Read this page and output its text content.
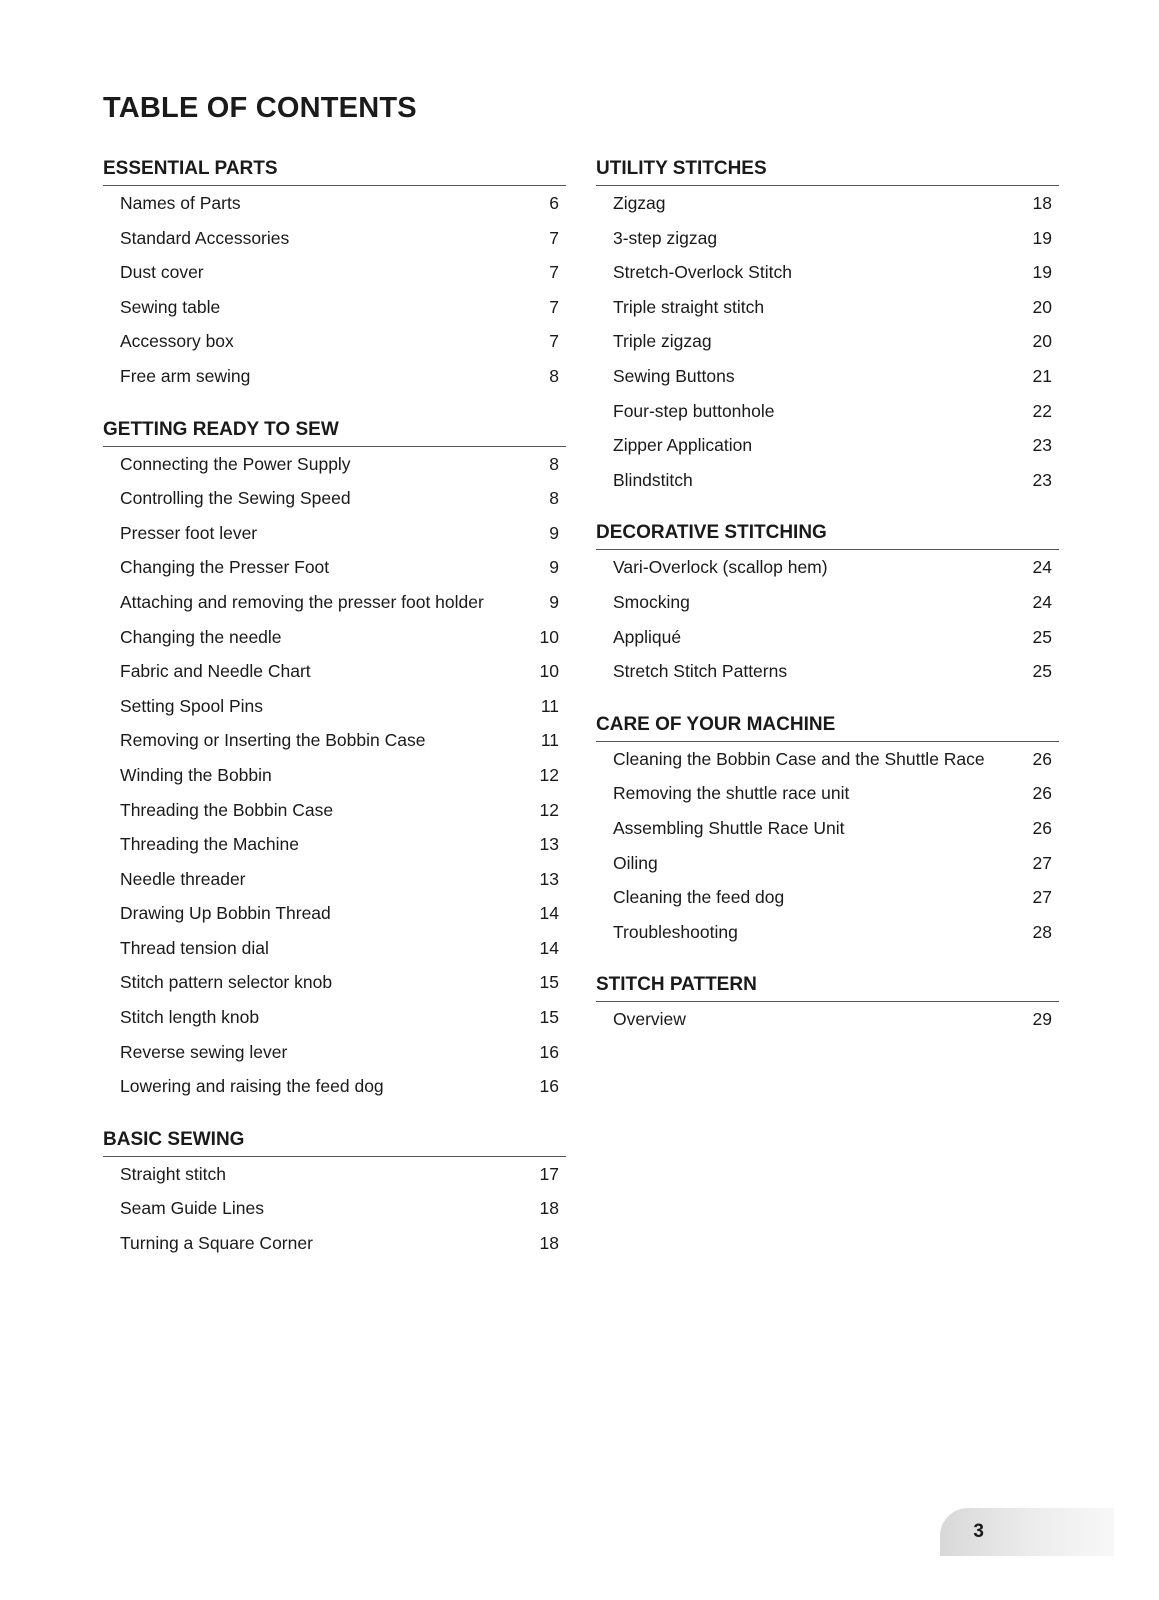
TABLE OF CONTENTS
ESSENTIAL PARTS
Names of Parts	6
Standard Accessories	7
Dust cover	7
Sewing table	7
Accessory box	7
Free arm sewing	8
GETTING READY TO SEW
Connecting the Power Supply	8
Controlling the Sewing Speed	8
Presser foot lever	9
Changing the Presser Foot	9
Attaching and removing the presser foot holder	9
Changing the needle	10
Fabric and Needle Chart	10
Setting Spool Pins	11
Removing or Inserting the Bobbin Case	11
Winding the Bobbin	12
Threading the Bobbin Case	12
Threading the Machine	13
Needle threader	13
Drawing Up Bobbin Thread	14
Thread tension dial	14
Stitch pattern selector knob	15
Stitch length knob	15
Reverse sewing lever	16
Lowering and raising the feed dog	16
BASIC SEWING
Straight stitch	17
Seam Guide Lines	18
Turning a Square Corner	18
UTILITY STITCHES
Zigzag	18
3-step zigzag	19
Stretch-Overlock Stitch	19
Triple straight stitch	20
Triple zigzag	20
Sewing Buttons	21
Four-step buttonhole	22
Zipper Application	23
Blindstitch	23
DECORATIVE STITCHING
Vari-Overlock (scallop hem)	24
Smocking	24
Appliqué	25
Stretch Stitch Patterns	25
CARE OF YOUR MACHINE
Cleaning the Bobbin Case and the Shuttle Race	26
Removing the shuttle race unit	26
Assembling Shuttle Race Unit	26
Oiling	27
Cleaning the feed dog	27
Troubleshooting	28
STITCH PATTERN
Overview	29
3
